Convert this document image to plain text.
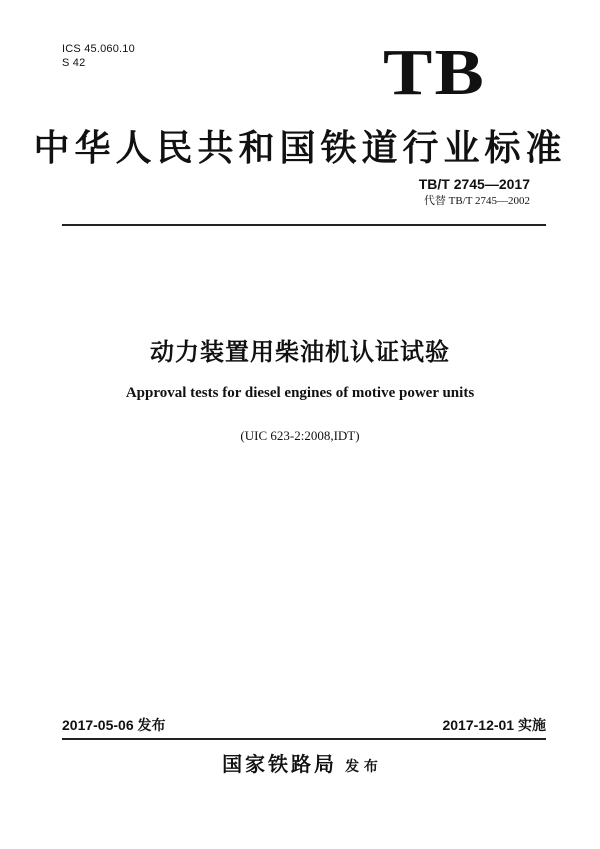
ICS 45.060.10
S 42	TB
中华人民共和国铁道行业标准
TB/T 2745—2017
代替 TB/T 2745—2002
动力装置用柴油机认证试验
Approval tests for diesel engines of motive power units
(UIC 623-2:2008,IDT)
2017-05-06 发布	2017-12-01 实施
国家铁路局 发 布
